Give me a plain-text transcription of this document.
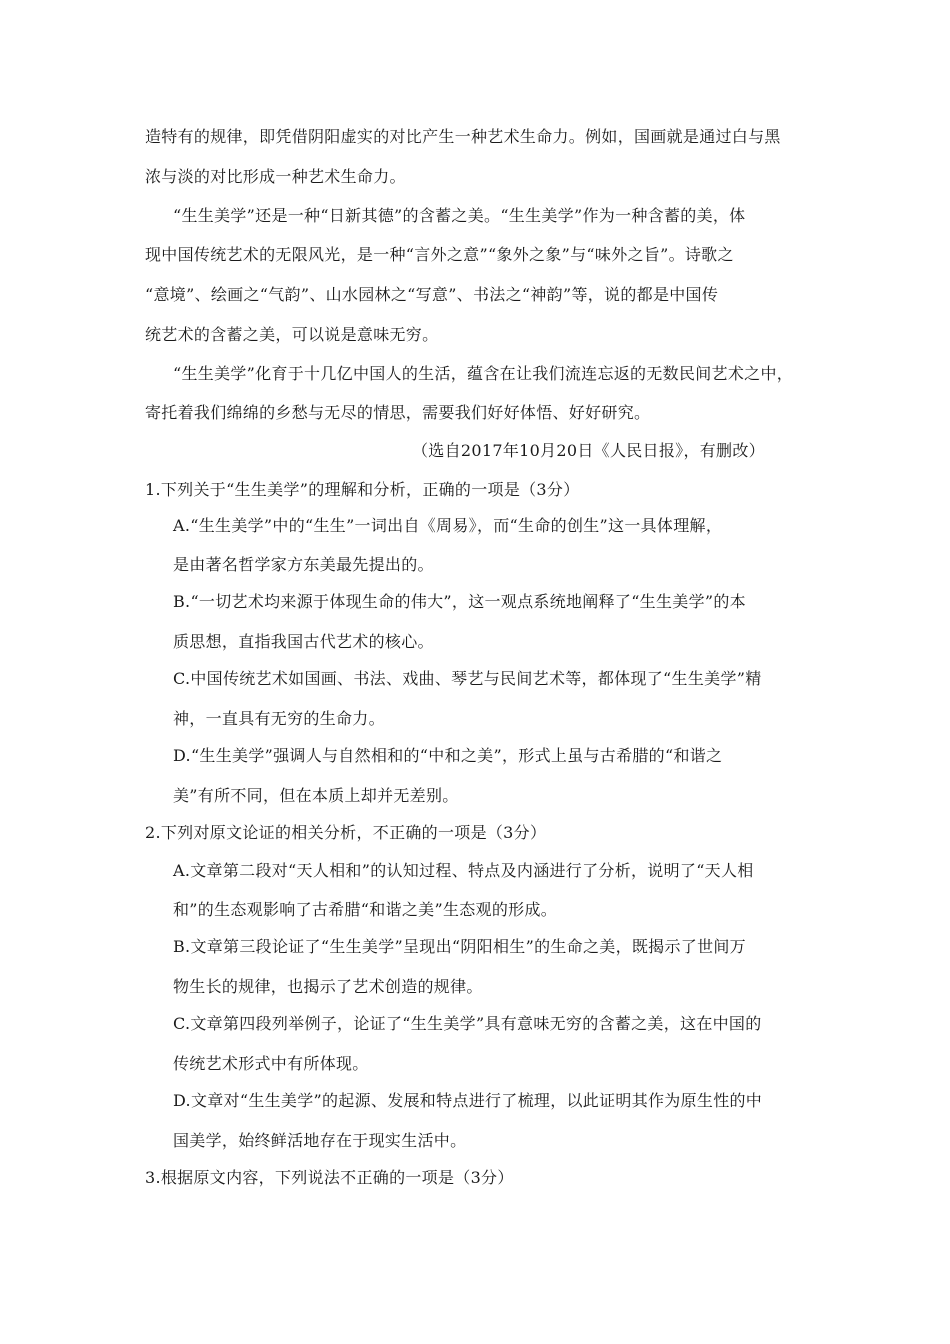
造特有的规律，即凭借阴阳虚实的对比产生一种艺术生命力。例如，国画就是通过白与黑
浓与淡的对比形成一种艺术生命力。
“生生美学”还是一种“日新其德”的含蓄之美。“生生美学”作为一种含蓄的美，体
现中国传统艺术的无限风光，是一种“言外之意”“象外之象”与“味外之旨”。诗歌之
“意境”、绘画之“气韵”、山水园林之“写意”、书法之“神韵”等，说的都是中国传
统艺术的含蓄之美，可以说是意味无穷。
“生生美学”化育于十几亿中国人的生活，蕴含在让我们流连忘返的无数民间艺术之中，
寄托着我们绵绵的乡愁与无尽的情思，需要我们好好体悟、好好研究。
（选自2017年10月20日《人民日报》，有删改）
1.下列关于“生生美学”的理解和分析，正确的一项是（3分）
A.“生生美学”中的“生生”一词出自《周易》，而“生命的创生”这一具体理解，
是由著名哲学家方东美最先提出的。
B.“一切艺术均来源于体现生命的伟大”，这一观点系统地阐释了“生生美学”的本
质思想，直指我国古代艺术的核心。
C.中国传统艺术如国画、书法、戏曲、琴艺与民间艺术等，都体现了“生生美学”精
神，一直具有无穷的生命力。
D.“生生美学”强调人与自然相和的“中和之美”，形式上虽与古希腊的“和谐之
美”有所不同，但在本质上却并无差别。
2.下列对原文论证的相关分析，不正确的一项是（3分）
A.文章第二段对“天人相和”的认知过程、特点及内涵进行了分析，说明了“天人相
和”的生态观影响了古希腊“和谐之美”生态观的形成。
B.文章第三段论证了“生生美学”呈现出“阴阳相生”的生命之美，既揭示了世间万
物生长的规律，也揭示了艺术创造的规律。
C.文章第四段列举例子，论证了“生生美学”具有意味无穷的含蓄之美，这在中国的
传统艺术形式中有所体现。
D.文章对“生生美学”的起源、发展和特点进行了梳理，以此证明其作为原生性的中
国美学，始终鲜活地存在于现实生活中。
3.根据原文内容，下列说法不正确的一项是（3分）
